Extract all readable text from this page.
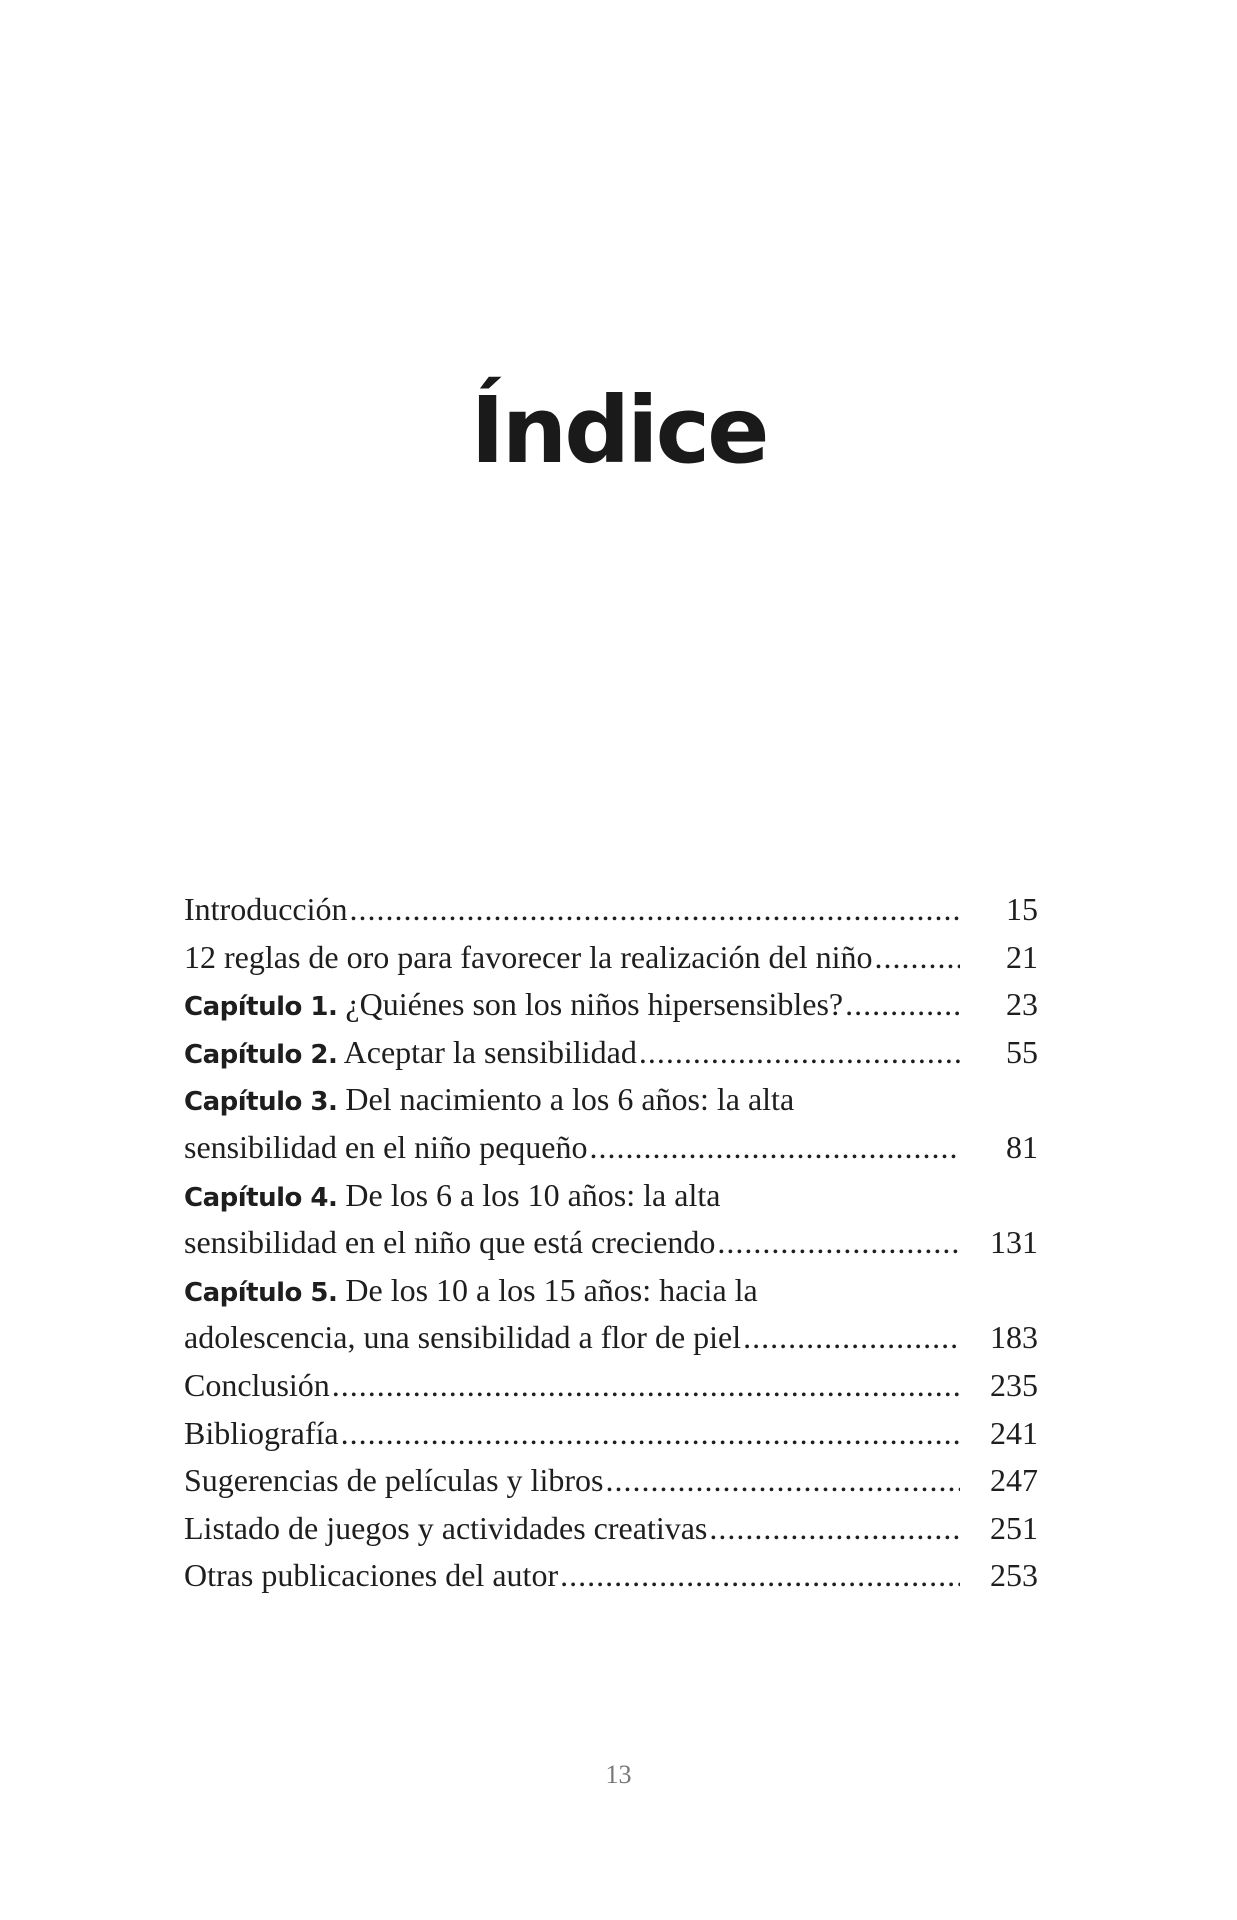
Índice
Introducción .....	15
12 reglas de oro para favorecer la realización del niño .....	21
Capítulo 1. ¿Quiénes son los niños hipersensibles? .....	23
Capítulo 2. Aceptar la sensibilidad .....	55
Capítulo 3. Del nacimiento a los 6 años: la alta
sensibilidad en el niño pequeño .....	81
Capítulo 4. De los 6 a los 10 años: la alta
sensibilidad en el niño que está creciendo .....	131
Capítulo 5. De los 10 a los 15 años: hacia la
adolescencia, una sensibilidad a flor de piel .....	183
Conclusión .....	235
Bibliografía .....	241
Sugerencias de películas y libros .....	247
Listado de juegos y actividades creativas .....	251
Otras publicaciones del autor .....	253
13
